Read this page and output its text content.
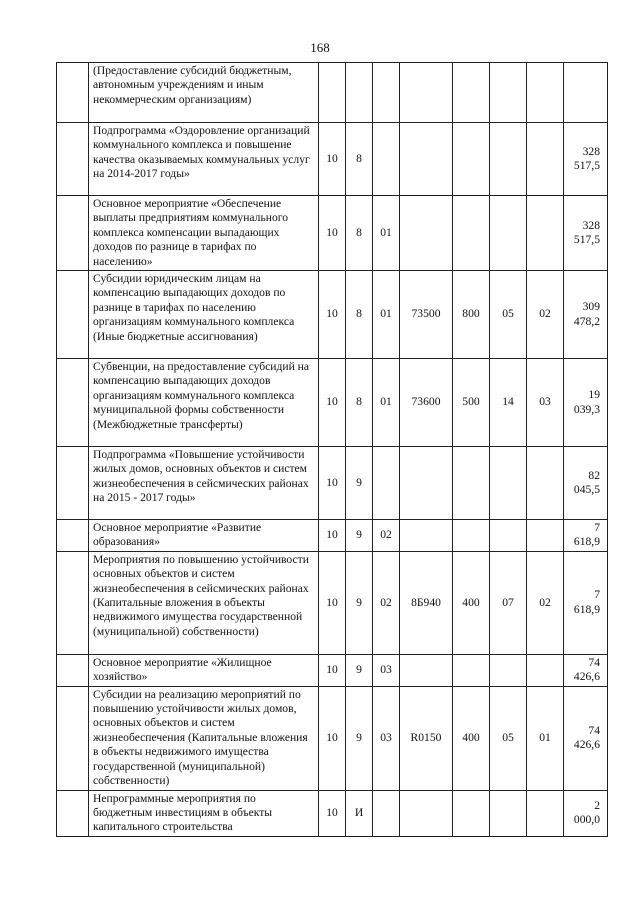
168
	(Предоставление субсидий бюджетным, автономным учреждениям и иным некоммерческим организациям)								
	Подпрограмма «Оздоровление организаций коммунального комплекса и повышение качества оказываемых коммунальных услуг на 2014-2017 годы»	10	8						328 517,5
	Основное мероприятие «Обеспечение выплаты предприятиям коммунального комплекса компенсации выпадающих доходов по разнице в тарифах по населению»	10	8	01					328 517,5
	Субсидии юридическим лицам на компенсацию выпадающих доходов по разнице в тарифах по населению организациям коммунального комплекса (Иные бюджетные ассигнования)	10	8	01	73500	800	05	02	309 478,2
	Субвенции, на предоставление субсидий на компенсацию выпадающих доходов организациям коммунального комплекса муниципальной формы собственности (Межбюджетные трансферты)	10	8	01	73600	500	14	03	19 039,3
	Подпрограмма «Повышение устойчивости жилых домов, основных объектов и систем жизнеобеспечения в сейсмических районах на 2015 - 2017 годы»	10	9						82 045,5
	Основное мероприятие «Развитие образования»	10	9	02					7 618,9
	Мероприятия по повышению устойчивости основных объектов и систем жизнеобеспечения в сейсмических районах (Капитальные вложения в объекты недвижимого имущества государственной (муниципальной) собственности)	10	9	02	8Б940	400	07	02	7 618,9
	Основное мероприятие «Жилищное хозяйство»	10	9	03					74 426,6
	Субсидии на реализацию мероприятий по повышению устойчивости жилых домов, основных объектов и систем жизнеобеспечения (Капитальные вложения в объекты недвижимого имущества государственной (муниципальной) собственности)	10	9	03	R0150	400	05	01	74 426,6
	Непрограммные мероприятия по бюджетным инвестициям в объекты капитального строительства	10	И						2 000,0
